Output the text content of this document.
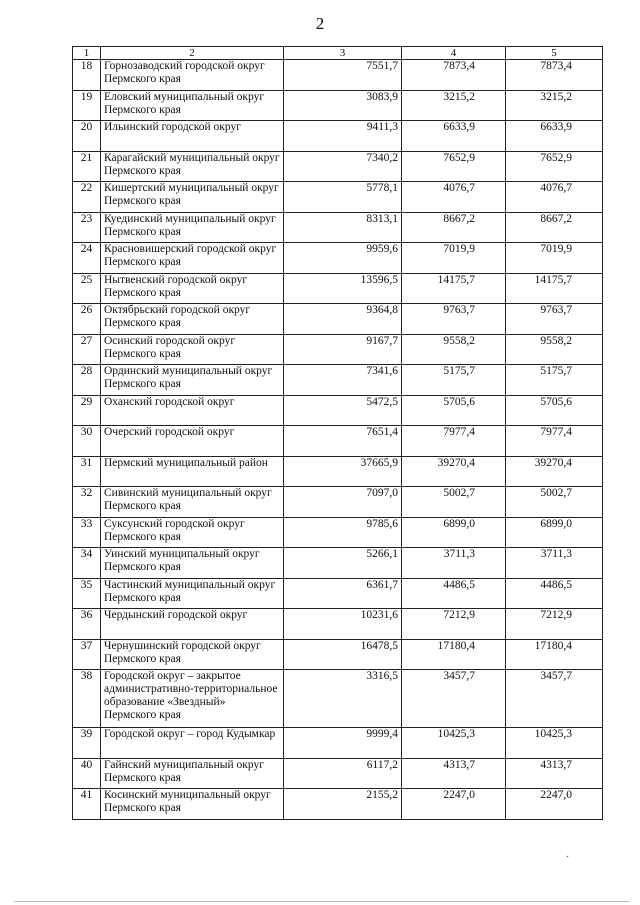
2
1	2	3	4	5
18	Горнозаводский городской округ Пермского края	7551,7	7873,4	7873,4
19	Еловский муниципальный округ Пермского края	3083,9	3215,2	3215,2
20	Ильинский городской округ	9411,3	6633,9	6633,9
21	Карагайский муниципальный округ Пермского края	7340,2	7652,9	7652,9
22	Кишертский муниципальный округ Пермского края	5778,1	4076,7	4076,7
23	Куединский муниципальный округ Пермского края	8313,1	8667,2	8667,2
24	Красновишерский городской округ Пермского края	9959,6	7019,9	7019,9
25	Нытвенский городской округ Пермского края	13596,5	14175,7	14175,7
26	Октябрьский городской округ Пермского края	9364,8	9763,7	9763,7
27	Осинский городской округ Пермского края	9167,7	9558,2	9558,2
28	Ординский муниципальный округ Пермского края	7341,6	5175,7	5175,7
29	Оханский городской округ	5472,5	5705,6	5705,6
30	Очерский городской округ	7651,4	7977,4	7977,4
31	Пермский муниципальный район	37665,9	39270,4	39270,4
32	Сивинский муниципальный округ Пермского края	7097,0	5002,7	5002,7
33	Суксунский городской округ Пермского края	9785,6	6899,0	6899,0
34	Уинский муниципальный округ Пермского края	5266,1	3711,3	3711,3
35	Частинский муниципальный округ Пермского края	6361,7	4486,5	4486,5
36	Чердынский городской округ	10231,6	7212,9	7212,9
37	Чернушинский городской округ Пермского края	16478,5	17180,4	17180,4
38	Городской округ – закрытое административно-территориальное образование «Звездный» Пермского края	3316,5	3457,7	3457,7
39	Городской округ – город Кудымкар	9999,4	10425,3	10425,3
40	Гайнский муниципальный округ Пермского края	6117,2	4313,7	4313,7
41	Косинский муниципальный округ Пермского края	2155,2	2247,0	2247,0
·
